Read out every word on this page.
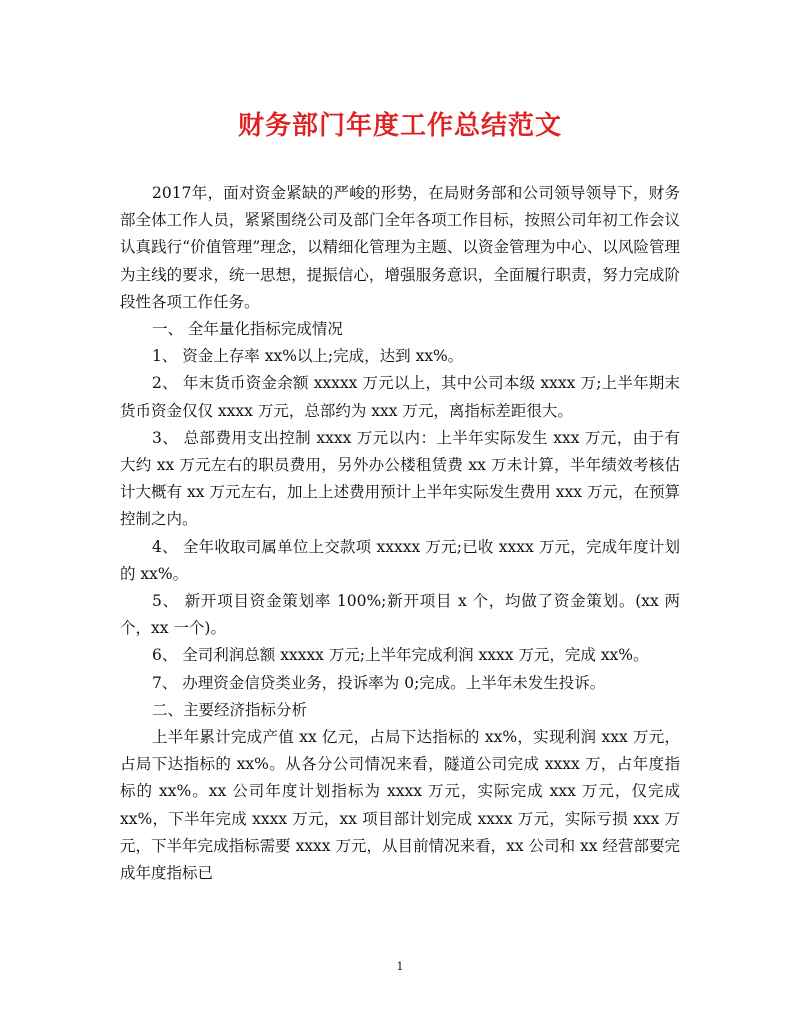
财务部门年度工作总结范文

2017年，面对资金紧缺的严峻的形势，在局财务部和公司领导领导下，财务部全体工作人员，紧紧围绕公司及部门全年各项工作目标，按照公司年初工作会议认真践行“价值管理”理念，以精细化管理为主题、以资金管理为中心、以风险管理为主线的要求，统一思想，提振信心，增强服务意识，全面履行职责，努力完成阶段性各项工作任务。

一、 全年量化指标完成情况

1、 资金上存率 xx%以上;完成，达到 xx%。

2、 年末货币资金余额 xxxxx 万元以上，其中公司本级 xxxx 万;上半年期末货币资金仅仅 xxxx 万元，总部约为 xxx 万元，离指标差距很大。

3、 总部费用支出控制 xxxx 万元以内：上半年实际发生 xxx 万元，由于有大约 xx 万元左右的职员费用，另外办公楼租赁费 xx 万未计算，半年绩效考核估计大概有 xx 万元左右，加上上述费用预计上半年实际发生费用 xxx 万元，在预算控制之内。

4、 全年收取司属单位上交款项 xxxxx 万元;已收 xxxx 万元，完成年度计划的 xx%。

5、 新开项目资金策划率 100%;新开项目 x 个，均做了资金策划。(xx 两个，xx 一个)。

6、 全司利润总额 xxxxx 万元;上半年完成利润 xxxx 万元，完成 xx%。

7、 办理资金信贷类业务，投诉率为 0;完成。上半年未发生投诉。

二、主要经济指标分析

上半年累计完成产值 xx 亿元，占局下达指标的 xx%，实现利润 xxx 万元，占局下达指标的 xx%。从各分公司情况来看，隧道公司完成 xxxx 万，占年度指标的 xx%。xx 公司年度计划指标为 xxxx 万元，实际完成 xxx 万元，仅完成 xx%，下半年完成 xxxx 万元，xx 项目部计划完成 xxxx 万元，实际亏损 xxx 万元，下半年完成指标需要 xxxx 万元，从目前情况来看，xx 公司和 xx 经营部要完成年度指标已

1
